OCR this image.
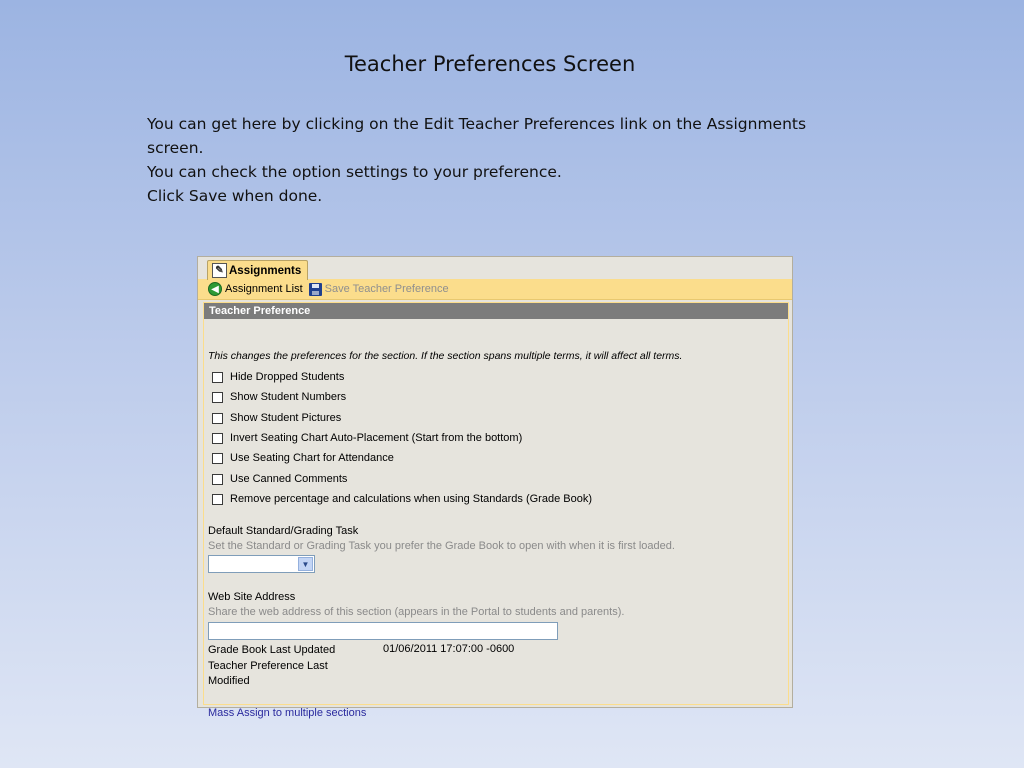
Teacher Preferences Screen
You can get here by clicking on the Edit Teacher Preferences link on the Assignments screen.
You can check the option settings to your preference.
Click Save when done.
✎ Assignments
◀ Assignment List Save Teacher Preference
Teacher Preference
This changes the preferences for the section. If the section spans multiple terms, it will affect all terms.
Hide Dropped Students
Show Student Numbers
Show Student Pictures
Invert Seating Chart Auto-Placement (Start from the bottom)
Use Seating Chart for Attendance
Use Canned Comments
Remove percentage and calculations when using Standards (Grade Book)
Default Standard/Grading Task
Set the Standard or Grading Task you prefer the Grade Book to open with when it is first loaded.
▼
Web Site Address
Share the web address of this section (appears in the Portal to students and parents).
Grade Book Last Updated	01/06/2011 17:07:00 -0600
Teacher Preference Last Modified
Mass Assign to multiple sections
